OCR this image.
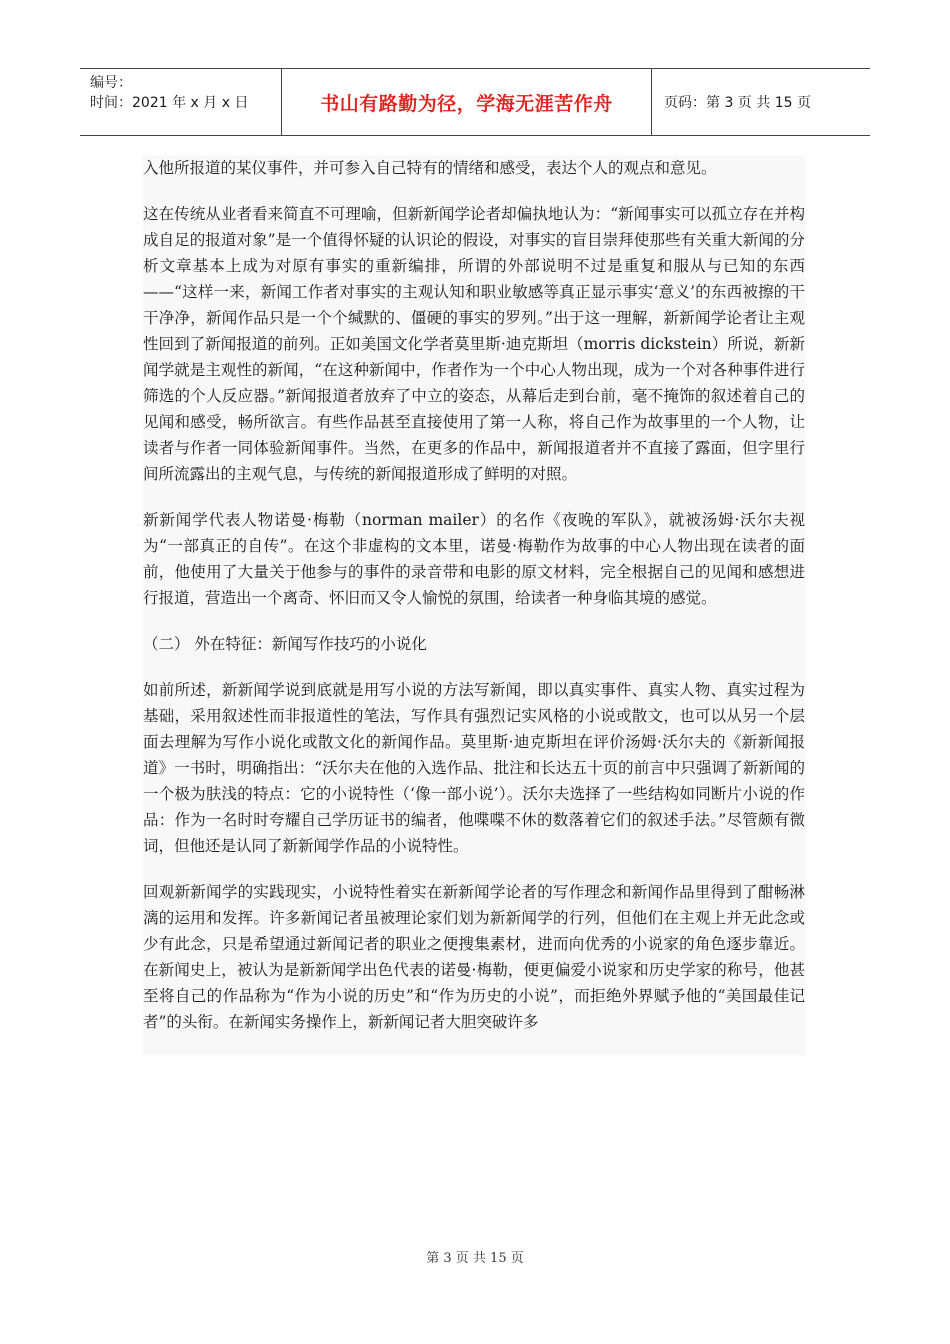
编号：
时间：2021 年 x 月 x 日	书山有路勤为径，学海无涯苦作舟	页码：第 3 页 共 15 页

入他所报道的某仪事件，并可参入自己特有的情绪和感受，表达个人的观点和意见。

这在传统从业者看来简直不可理喻，但新新闻学论者却偏执地认为：“新闻事实可以孤立存在并构成自足的报道对象”是一个值得怀疑的认识论的假设，对事实的盲目崇拜使那些有关重大新闻的分析文章基本上成为对原有事实的重新编排，所谓的外部说明不过是重复和服从与已知的东西——“这样一来，新闻工作者对事实的主观认知和职业敏感等真正显示事实‘意义’的东西被擦的干干净净，新闻作品只是一个个缄默的、僵硬的事实的罗列。”出于这一理解，新新闻学论者让主观性回到了新闻报道的前列。正如美国文化学者莫里斯·迪克斯坦（morris dickstein）所说，新新闻学就是主观性的新闻，“在这种新闻中，作者作为一个中心人物出现，成为一个对各种事件进行筛选的个人反应器。”新闻报道者放弃了中立的姿态，从幕后走到台前，毫不掩饰的叙述着自己的见闻和感受，畅所欲言。有些作品甚至直接使用了第一人称，将自己作为故事里的一个人物，让读者与作者一同体验新闻事件。当然，在更多的作品中，新闻报道者并不直接了露面，但字里行间所流露出的主观气息，与传统的新闻报道形成了鲜明的对照。

新新闻学代表人物诺曼·梅勒（norman mailer）的名作《夜晚的军队》，就被汤姆·沃尔夫视为“一部真正的自传”。在这个非虚构的文本里，诺曼·梅勒作为故事的中心人物出现在读者的面前，他使用了大量关于他参与的事件的录音带和电影的原文材料，完全根据自己的见闻和感想进行报道，营造出一个离奇、怀旧而又令人愉悦的氛围，给读者一种身临其境的感觉。

（二） 外在特征：新闻写作技巧的小说化

如前所述，新新闻学说到底就是用写小说的方法写新闻，即以真实事件、真实人物、真实过程为基础，采用叙述性而非报道性的笔法，写作具有强烈记实风格的小说或散文，也可以从另一个层面去理解为写作小说化或散文化的新闻作品。莫里斯·迪克斯坦在评价汤姆·沃尔夫的《新新闻报道》一书时，明确指出：“沃尔夫在他的入选作品、批注和长达五十页的前言中只强调了新新闻的一个极为肤浅的特点：它的小说特性（‘像一部小说’）。沃尔夫选择了一些结构如同断片小说的作品：作为一名时时夸耀自己学历证书的编者，他喋喋不休的数落着它们的叙述手法。”尽管颇有微词，但他还是认同了新新闻学作品的小说特性。

回观新新闻学的实践现实，小说特性着实在新新闻学论者的写作理念和新闻作品里得到了酣畅淋漓的运用和发挥。许多新闻记者虽被理论家们划为新新闻学的行列，但他们在主观上并无此念或少有此念，只是希望通过新闻记者的职业之便搜集素材，进而向优秀的小说家的角色逐步靠近。在新闻史上，被认为是新新闻学出色代表的诺曼·梅勒，便更偏爱小说家和历史学家的称号，他甚至将自己的作品称为“作为小说的历史”和“作为历史的小说”，而拒绝外界赋予他的“美国最佳记者”的头衔。在新闻实务操作上，新新闻记者大胆突破许多

第 3 页 共 15 页
